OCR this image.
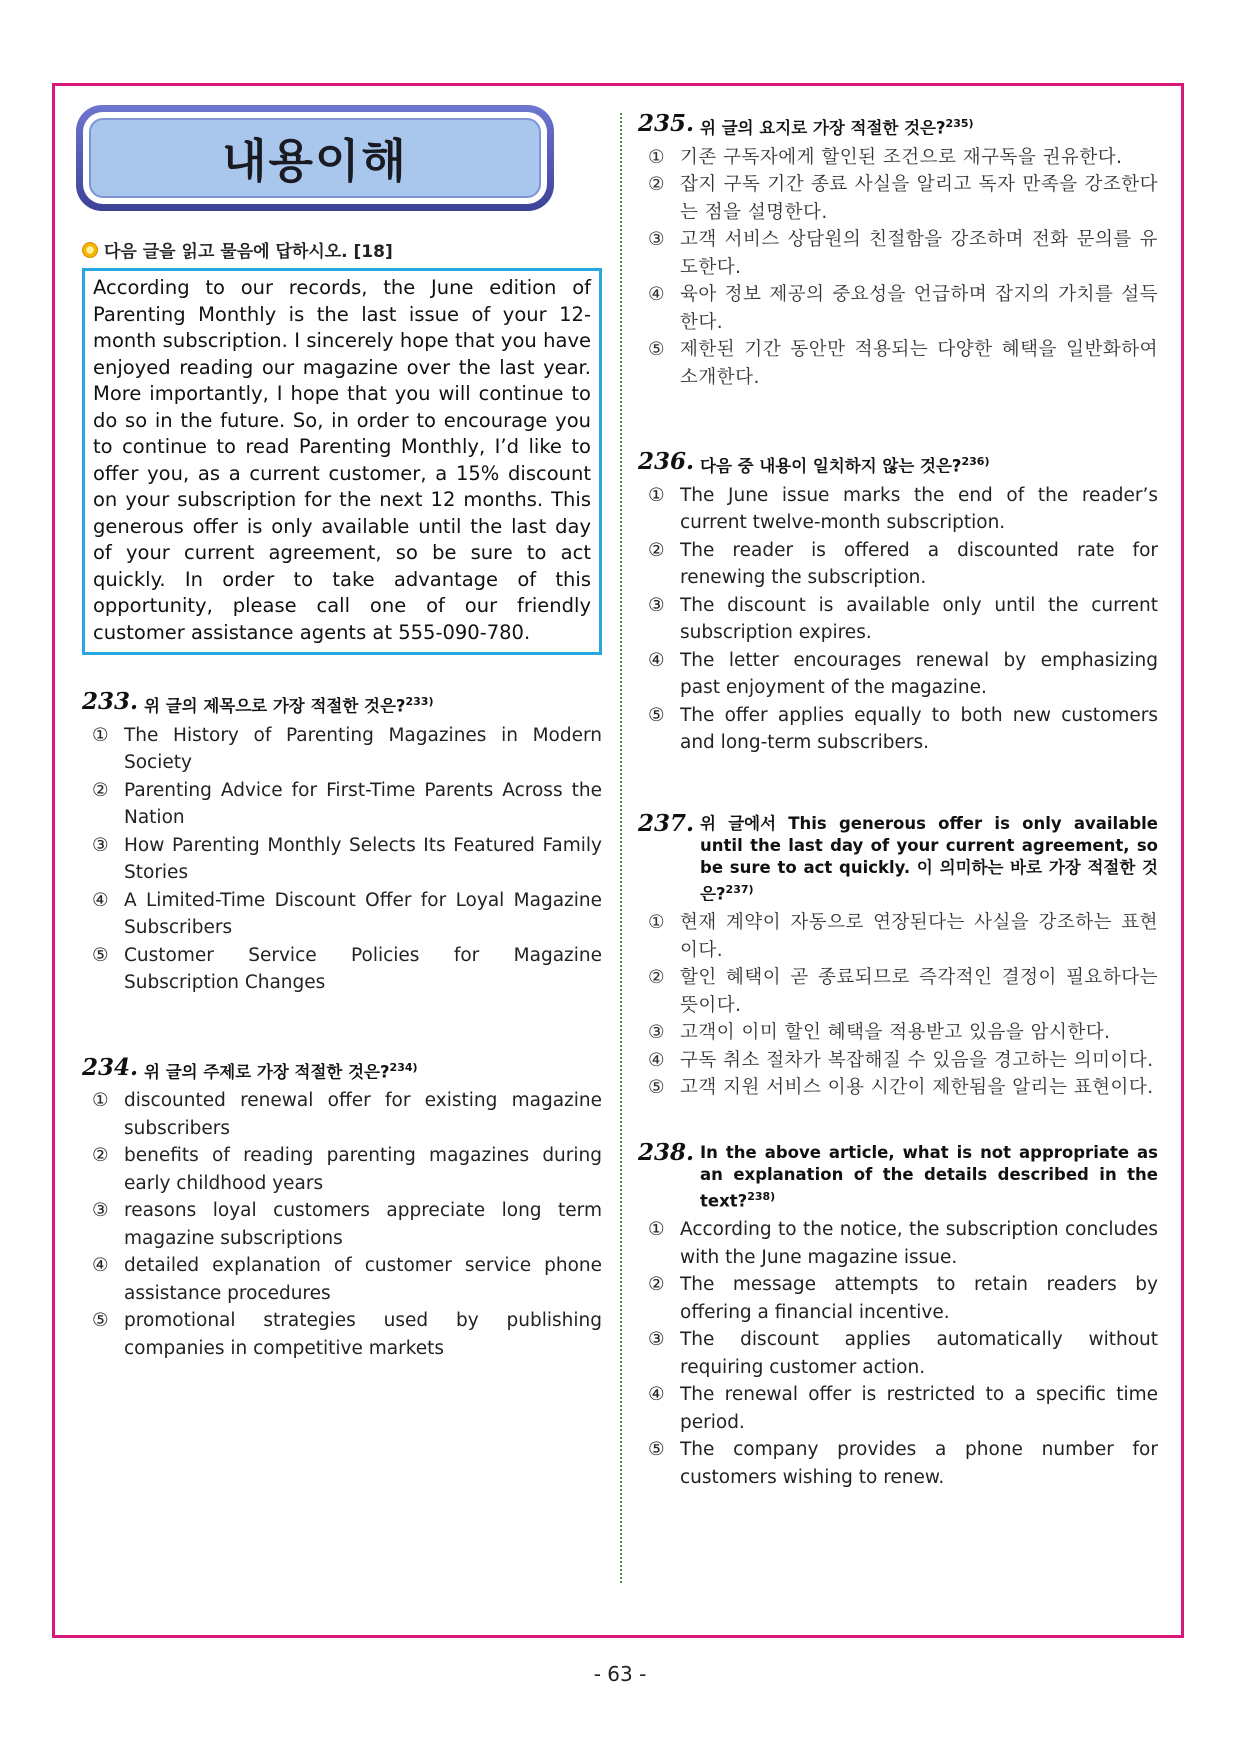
내용이해
다음 글을 읽고 물음에 답하시오. [18]
According to our records, the June edition of Parenting Monthly is the last issue of your 12-month subscription. I sincerely hope that you have enjoyed reading our magazine over the last year. More importantly, I hope that you will continue to do so in the future. So, in order to encourage you to continue to read Parenting Monthly, I’d like to offer you, as a current customer, a 15% discount on your subscription for the next 12 months. This generous offer is only available until the last day of your current agreement, so be sure to act quickly. In order to take advantage of this opportunity, please call one of our friendly customer assistance agents at 555-090-780.
233. 위 글의 제목으로 가장 적절한 것은?$^{233)}$
① The History of Parenting Magazines in Modern Society
② Parenting Advice for First-Time Parents Across the Nation
③ How Parenting Monthly Selects Its Featured Family Stories
④ A Limited-Time Discount Offer for Loyal Magazine Subscribers
⑤ Customer Service Policies for Magazine Subscription Changes
234. 위 글의 주제로 가장 적절한 것은?$^{234)}$
① discounted renewal offer for existing magazine subscribers
② benefits of reading parenting magazines during early childhood years
③ reasons loyal customers appreciate long term magazine subscriptions
④ detailed explanation of customer service phone assistance procedures
⑤ promotional strategies used by publishing companies in competitive markets
235. 위 글의 요지로 가장 적절한 것은?$^{235)}$
① 기존 구독자에게 할인된 조건으로 재구독을 권유한다.
② 잡지 구독 기간 종료 사실을 알리고 독자 만족을 강조한다는 점을 설명한다.
③ 고객 서비스 상담원의 친절함을 강조하며 전화 문의를 유도한다.
④ 육아 정보 제공의 중요성을 언급하며 잡지의 가치를 설득한다.
⑤ 제한된 기간 동안만 적용되는 다양한 혜택을 일반화하여 소개한다.
236. 다음 중 내용이 일치하지 않는 것은?$^{236)}$
① The June issue marks the end of the reader’s current twelve-month subscription.
② The reader is offered a discounted rate for renewing the subscription.
③ The discount is available only until the current subscription expires.
④ The letter encourages renewal by emphasizing past enjoyment of the magazine.
⑤ The offer applies equally to both new customers and long-term subscribers.
237. 위 글에서 This generous offer is only available until the last day of your current agreement, so be sure to act quickly. 이 의미하는 바로 가장 적절한 것은?$^{237)}$
① 현재 계약이 자동으로 연장된다는 사실을 강조하는 표현이다.
② 할인 혜택이 곧 종료되므로 즉각적인 결정이 필요하다는 뜻이다.
③ 고객이 이미 할인 혜택을 적용받고 있음을 암시한다.
④ 구독 취소 절차가 복잡해질 수 있음을 경고하는 의미이다.
⑤ 고객 지원 서비스 이용 시간이 제한됨을 알리는 표현이다.
238. In the above article, what is not appropriate as an explanation of the details described in the text?$^{238)}$
① According to the notice, the subscription concludes with the June magazine issue.
② The message attempts to retain readers by offering a financial incentive.
③ The discount applies automatically without requiring customer action.
④ The renewal offer is restricted to a specific time period.
⑤ The company provides a phone number for customers wishing to renew.
- 63 -
